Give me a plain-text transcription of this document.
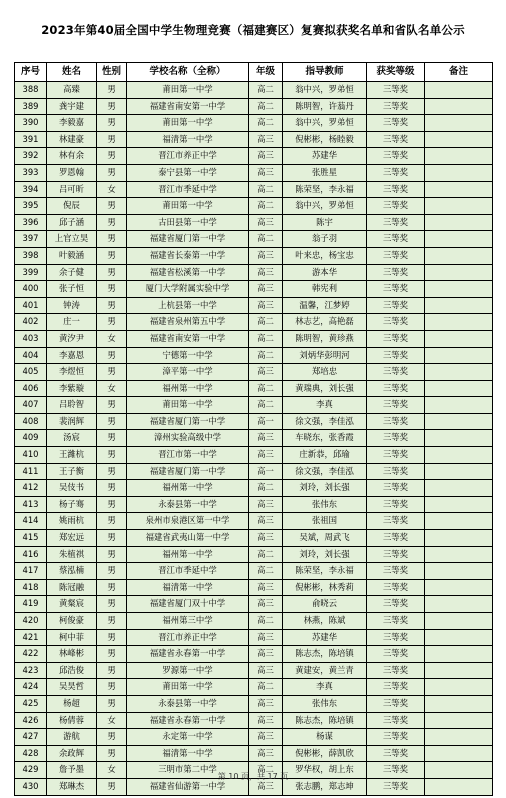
2023年第40届全国中学生物理竞赛（福建赛区）复赛拟获奖名单和省队名单公示
序号	姓名	性别	学校名称（全称）	年级	指导教师	获奖等级	备注
388	高臻	男	莆田第一中学	高二	翁中兴，罗弟恒	三等奖	
389	龚宇建	男	福建省南安第一中学	高二	陈明智，许蓊丹	三等奖	
390	李毅嘉	男	莆田第一中学	高二	翁中兴，罗弟恒	三等奖	
391	林建豪	男	福清第一中学	高三	倪彬彬，杨睦毅	三等奖	
392	林有余	男	晋江市养正中学	高三	苏建华	三等奖	
393	罗恩翰	男	泰宁县第一中学	高三	张胜星	三等奖	
394	吕可昕	女	晋江市季延中学	高二	陈荣坚，李永福	三等奖	
395	倪辰	男	莆田第一中学	高二	翁中兴，罗弟恒	三等奖	
396	邱子涵	男	古田县第一中学	高三	陈宇	三等奖	
397	上官立昊	男	福建省厦门第一中学	高二	翁子羽	三等奖	
398	叶毅涵	男	福建省长泰第一中学	高三	叶来忠，杨宝忠	三等奖	
399	余子健	男	福建省松溪第一中学	高三	游本华	三等奖	
400	张子恒	男	厦门大学附属实验中学	高三	韩宪利	三等奖	
401	钟涛	男	上杭县第一中学	高三	温馨，江梦婷	三等奖	
402	庄一	男	福建省泉州第五中学	高二	林志艺，高艳磊	三等奖	
403	黄汐尹	女	福建省南安第一中学	高二	陈明智，黄珍燕	三等奖	
404	李嘉恩	男	宁德第一中学	高二	刘炳华彭明河	三等奖	
405	李煜恒	男	漳平第一中学	高三	郑培忠	三等奖	
406	李紫璇	女	福州第一中学	高二	黄瑞典，刘长强	三等奖	
407	吕聆智	男	莆田第一中学	高二	李真	三等奖	
408	裴润辉	男	福建省厦门第一中学	高一	徐文强，李佳泓	三等奖	
409	汤宸	男	漳州实验高级中学	高三	车晓东，张香霞	三等奖	
410	王濰杭	男	晋江市第一中学	高三	庄新恭，邱瑜	三等奖	
411	王子衡	男	福建省厦门第一中学	高一	徐文强，李佳泓	三等奖	
412	吴伎书	男	福州第一中学	高二	刘玲，刘长强	三等奖	
413	杨子骞	男	永泰县第一中学	高三	张伟东	三等奖	
414	姚雨杭	男	泉州市泉港区第一中学	高三	张祖国	三等奖	
415	郑宏远	男	福建省武夷山第一中学	高三	吴斌，周武飞	三等奖	
416	朱植祺	男	福州第一中学	高二	刘玲，刘长强	三等奖	
417	蔡泓楠	男	晋江市季延中学	高二	陈荣坚，李永福	三等奖	
418	陈冠融	男	福清第一中学	高三	倪彬彬，林秀莉	三等奖	
419	黄粲宸	男	福建省厦门双十中学	高三	俞晓云	三等奖	
420	柯俊豪	男	福州第三中学	高二	林燕，陈斌	三等奖	
421	柯中菲	男	晋江市养正中学	高三	苏建华	三等奖	
422	林峰彬	男	福建省永春第一中学	高三	陈志杰，陈培镇	三等奖	
423	邱浩俊	男	罗源第一中学	高三	黄建安，黄兰青	三等奖	
424	吴昊哲	男	莆田第一中学	高二	李真	三等奖	
425	杨超	男	永泰县第一中学	高三	张伟东	三等奖	
426	杨倩蓉	女	福建省永春第一中学	高三	陈志杰，陈培镇	三等奖	
427	游航	男	永定第一中学	高三	杨谋	三等奖	
428	余政辉	男	福清第一中学	高三	倪彬彬，薛凯欣	三等奖	
429	詹予墨	女	三明市第二中学	高二	罗华权，胡上东	三等奖	
430	郑琳杰	男	福建省仙游第一中学	高三	张志鹏，郑志坤	三等奖	
第 10 页，共 17 页
